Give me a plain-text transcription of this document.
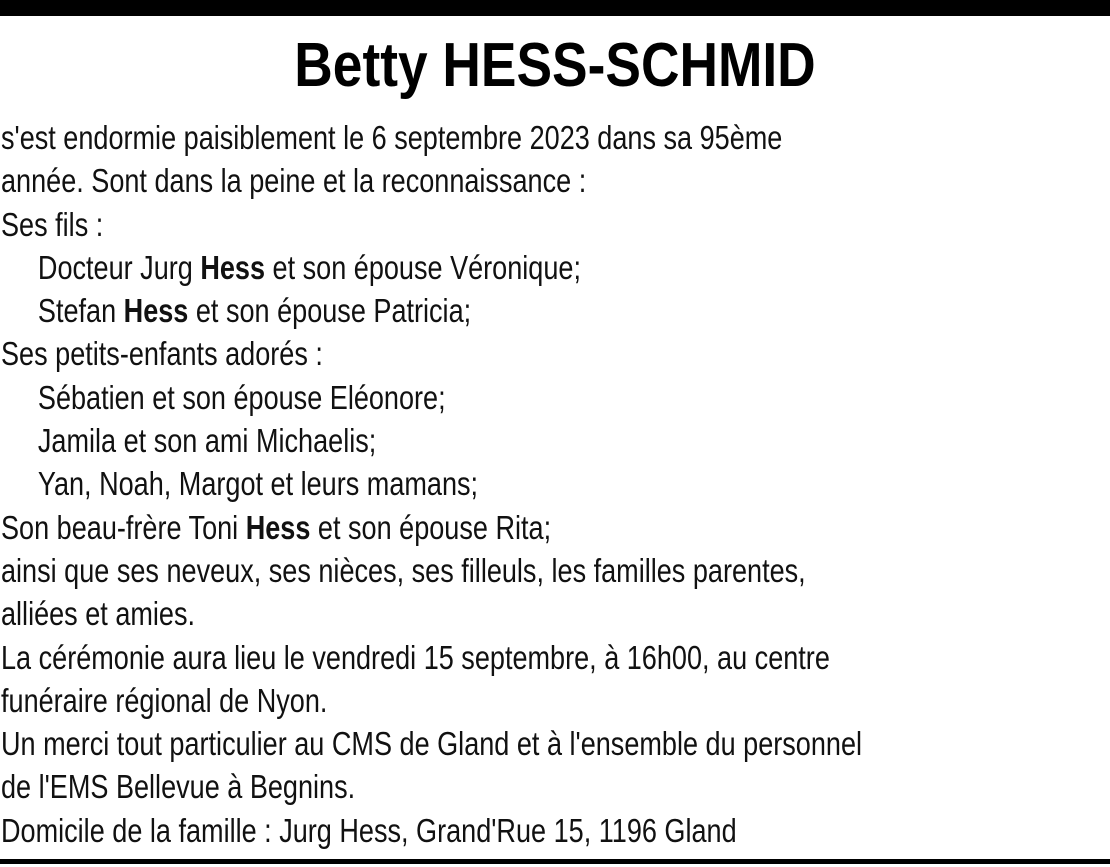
Betty HESS-SCHMID
s'est endormie paisiblement le 6 septembre 2023 dans sa 95ème
année. Sont dans la peine et la reconnaissance :
Ses fils :
Docteur Jurg Hess et son épouse Véronique;
Stefan Hess et son épouse Patricia;
Ses petits-enfants adorés :
Sébatien et son épouse Eléonore;
Jamila et son ami Michaelis;
Yan, Noah, Margot et leurs mamans;
Son beau-frère Toni Hess et son épouse Rita;
ainsi que ses neveux, ses nièces, ses filleuls, les familles parentes,
alliées et amies.
La cérémonie aura lieu le vendredi 15 septembre, à 16h00, au centre
funéraire régional de Nyon.
Un merci tout particulier au CMS de Gland et à l'ensemble du personnel
de l'EMS Bellevue à Begnins.
Domicile de la famille : Jurg Hess, Grand'Rue 15, 1196 Gland
